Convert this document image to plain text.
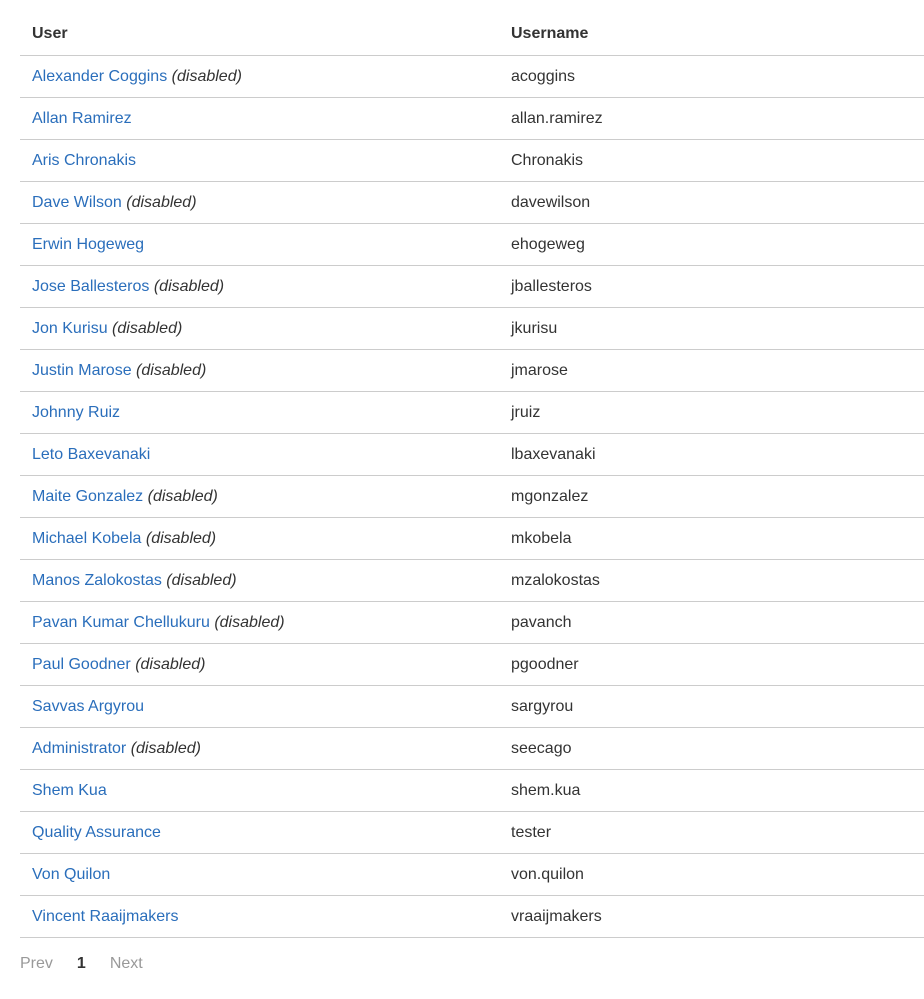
User	Username
Alexander Coggins (disabled)	acoggins
Allan Ramirez	allan.ramirez
Aris Chronakis	Chronakis
Dave Wilson (disabled)	davewilson
Erwin Hogeweg	ehogeweg
Jose Ballesteros (disabled)	jballesteros
Jon Kurisu (disabled)	jkurisu
Justin Marose (disabled)	jmarose
Johnny Ruiz	jruiz
Leto Baxevanaki	lbaxevanaki
Maite Gonzalez (disabled)	mgonzalez
Michael Kobela (disabled)	mkobela
Manos Zalokostas (disabled)	mzalokostas
Pavan Kumar Chellukuru (disabled)	pavanch
Paul Goodner (disabled)	pgoodner
Savvas Argyrou	sargyrou
Administrator (disabled)	seecago
Shem Kua	shem.kua
Quality Assurance	tester
Von Quilon	von.quilon
Vincent Raaijmakers	vraaijmakers
Prev 1 Next
